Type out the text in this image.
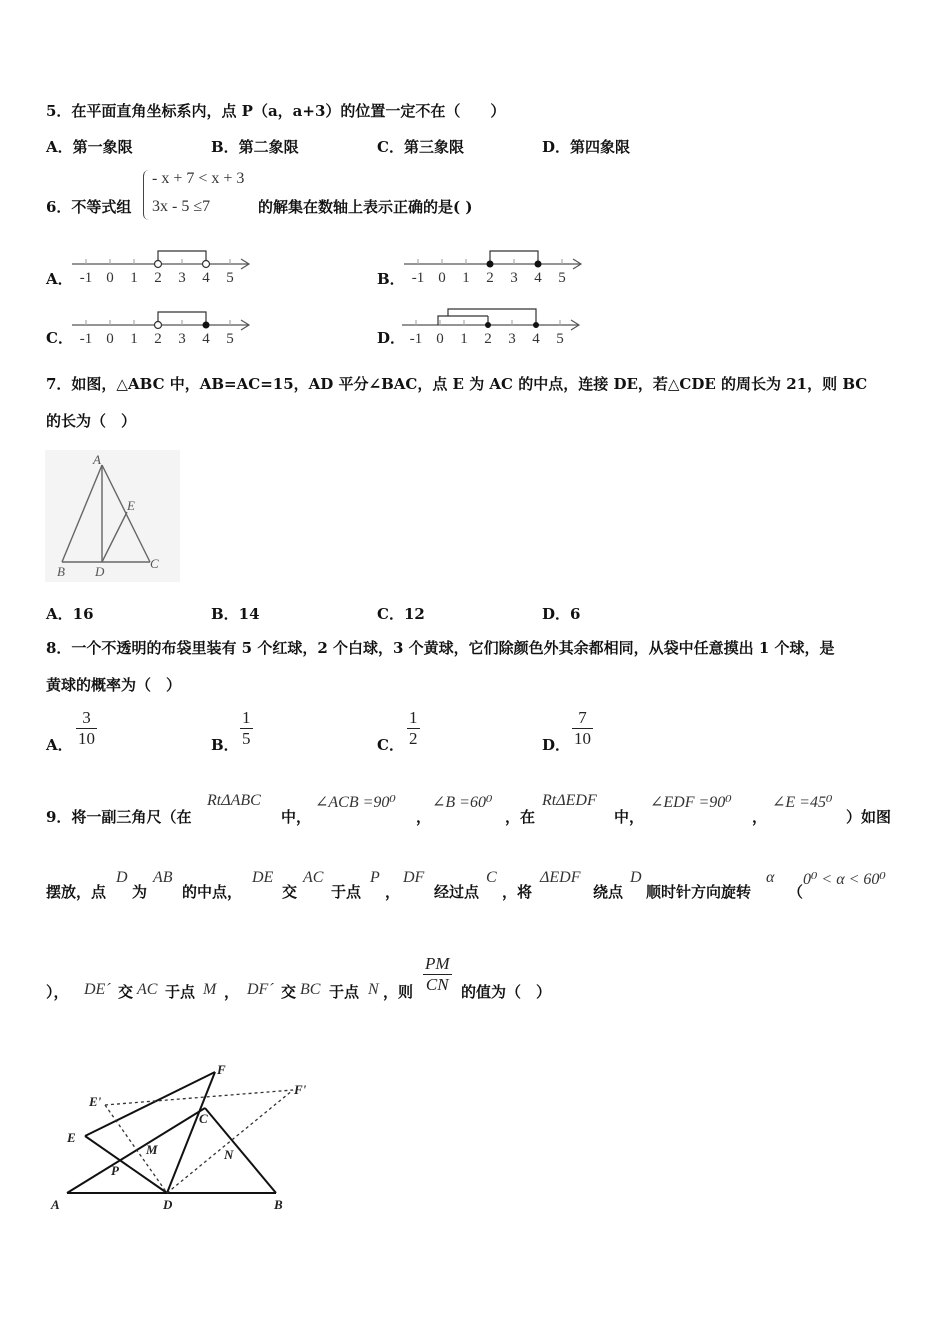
5．在平面直角坐标系内，点 P（a，a+3）的位置一定不在（　　）
A．第一象限	B．第二象限	C．第三象限	D．第四象限
6．不等式组
- x + 7 < x + 3
3x - 5 ≤7	的解集在数轴上表示正确的是( )
A．	B．
C．	D．
-1 0 1 2 3 4 5	-1 0 1 2 3 4 5
-1 0 1 2 3 4 5	-1 0 1 2 3 4 5
7．如图，△ABC 中，AB=AC=15，AD 平分∠BAC，点 E 为 AC 的中点，连接 DE，若△CDE 的周长为 21，则 BC
的长为（　）
A
E
B D
C
A．16	B．14	C．12	D．6
8．一个不透明的布袋里装有 5 个红球，2 个白球，3 个黄球，它们除颜色外其余都相同，从袋中任意摸出 1 个球，是
黄球的概率为（　）
A．
3
10	B．
1
5	C．
1
2	D．
7
10
9．将一副三角尺（在
RtΔABC
中，
∠ACB =90⁰
，
∠B =60⁰
，在
RtΔEDF
中，
∠EDF =90⁰
，
∠E =45⁰
）如图
摆放，点
D
为
AB
的中点，
DE
交
AC
于点
P
，
DF
经过点
C
，将
ΔEDF
绕点
D
顺时针方向旋转
α
（
0⁰ < α < 60⁰
）， DE´ 交 AC 于点 M ， DF´ 交 BC 于点 N ，则
PM
CN 的值为（　）
F
E'
F'
C
E
M	N
P
A	D	B
